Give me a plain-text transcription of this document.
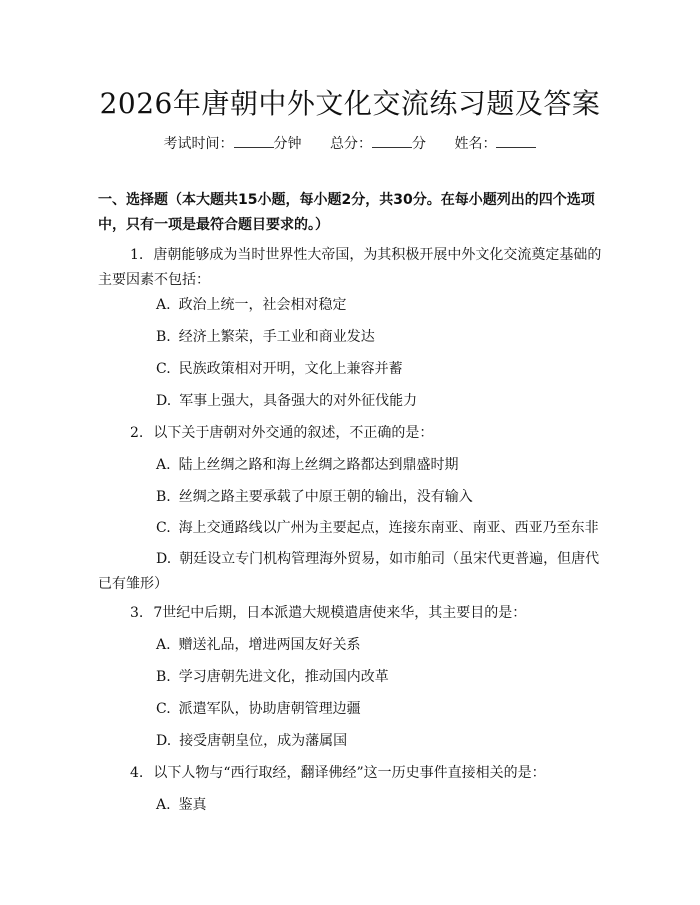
2026年唐朝中外文化交流练习题及答案
考试时间：	分钟 总分：	分 姓名：
一、选择题（本大题共15小题，每小题2分，共30分。在每小题列出的四个选项中，只有一项是最符合题目要求的。）
1. 唐朝能够成为当时世界性大帝国，为其积极开展中外文化交流奠定基础的主要因素不包括：
A. 政治上统一，社会相对稳定
B. 经济上繁荣，手工业和商业发达
C. 民族政策相对开明，文化上兼容并蓄
D. 军事上强大，具备强大的对外征伐能力
2. 以下关于唐朝对外交通的叙述，不正确的是：
A. 陆上丝绸之路和海上丝绸之路都达到鼎盛时期
B. 丝绸之路主要承载了中原王朝的输出，没有输入
C. 海上交通路线以广州为主要起点，连接东南亚、南亚、西亚乃至东非
D. 朝廷设立专门机构管理海外贸易，如市舶司（虽宋代更普遍，但唐代已有雏形）
3. 7世纪中后期，日本派遣大规模遣唐使来华，其主要目的是：
A. 赠送礼品，增进两国友好关系
B. 学习唐朝先进文化，推动国内改革
C. 派遣军队，协助唐朝管理边疆
D. 接受唐朝皇位，成为藩属国
4. 以下人物与“西行取经，翻译佛经”这一历史事件直接相关的是：
A. 鉴真
